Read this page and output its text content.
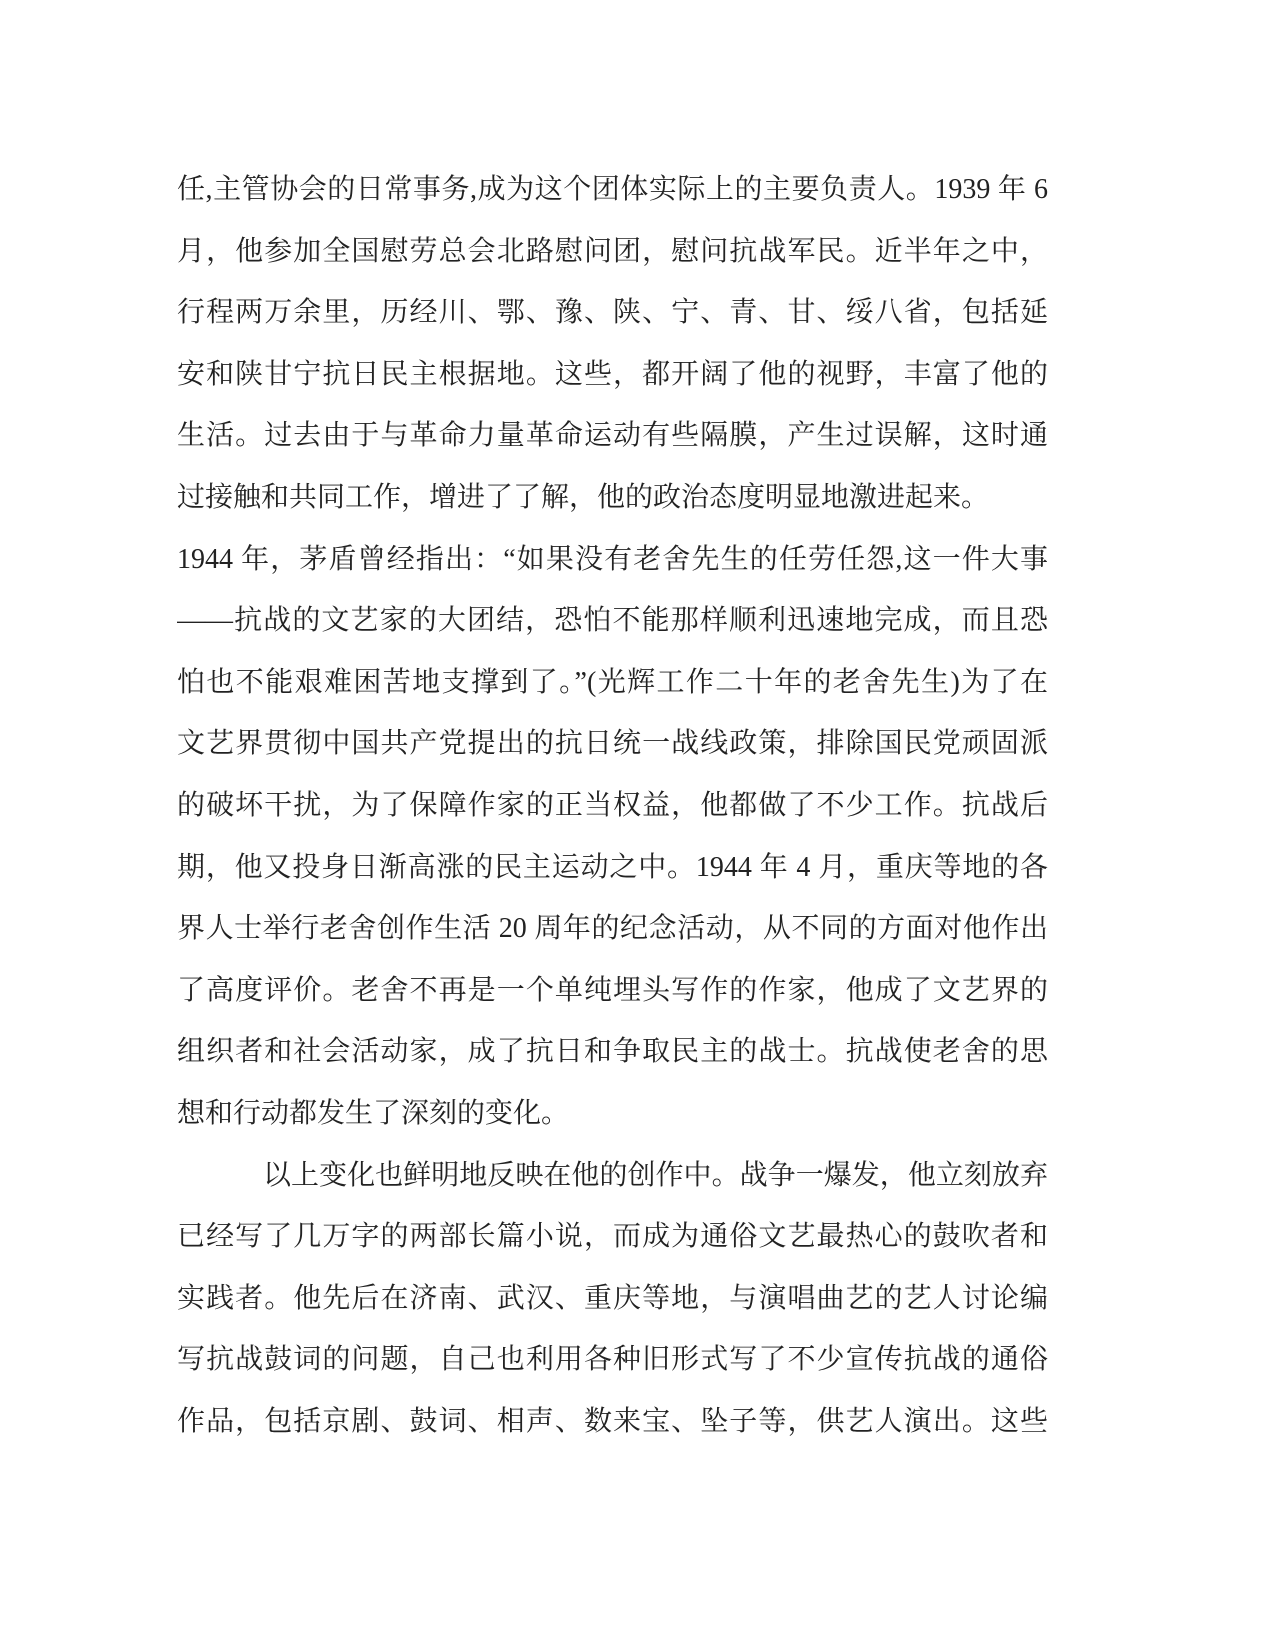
任,主管协会的日常事务,成为这个团体实际上的主要负责人。1939 年 6
月，他参加全国慰劳总会北路慰问团，慰问抗战军民。近半年之中，
行程两万余里，历经川、鄂、豫、陕、宁、青、甘、绥八省，包括延
安和陕甘宁抗日民主根据地。这些，都开阔了他的视野，丰富了他的
生活。过去由于与革命力量革命运动有些隔膜，产生过误解，这时通
过接触和共同工作，增进了了解，他的政治态度明显地激进起来。
1944 年，茅盾曾经指出：“如果没有老舍先生的任劳任怨,这一件大事
——抗战的文艺家的大团结，恐怕不能那样顺利迅速地完成，而且恐
怕也不能艰难困苦地支撑到了。”(光辉工作二十年的老舍先生)为了在
文艺界贯彻中国共产党提出的抗日统一战线政策，排除国民党顽固派
的破坏干扰，为了保障作家的正当权益，他都做了不少工作。抗战后
期，他又投身日渐高涨的民主运动之中。1944 年 4 月，重庆等地的各
界人士举行老舍创作生活 20 周年的纪念活动，从不同的方面对他作出
了高度评价。老舍不再是一个单纯埋头写作的作家，他成了文艺界的
组织者和社会活动家，成了抗日和争取民主的战士。抗战使老舍的思
想和行动都发生了深刻的变化。
以上变化也鲜明地反映在他的创作中。战争一爆发，他立刻放弃
已经写了几万字的两部长篇小说，而成为通俗文艺最热心的鼓吹者和
实践者。他先后在济南、武汉、重庆等地，与演唱曲艺的艺人讨论编
写抗战鼓词的问题，自己也利用各种旧形式写了不少宣传抗战的通俗
作品，包括京剧、鼓词、相声、数来宝、坠子等，供艺人演出。这些
